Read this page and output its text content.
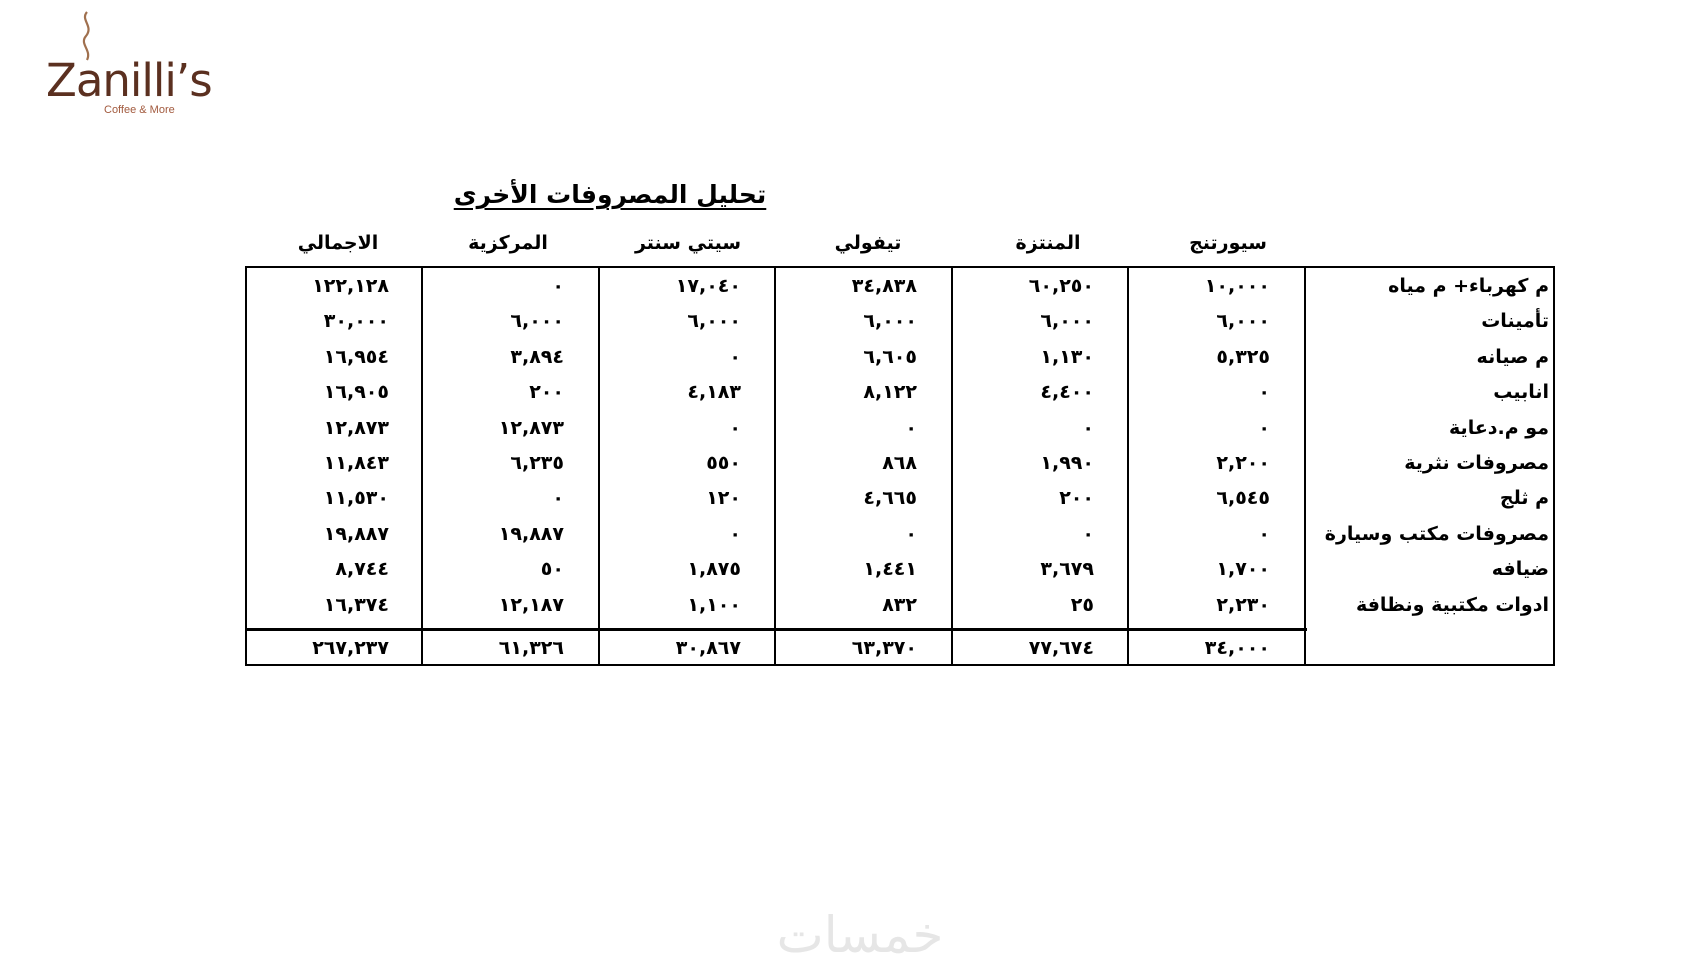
Zanilli’s
Coffee & More
تحليل المصروفات الأخرى
سيورتنج
المنتزة
تيفولي
سيتي سنتر
المركزية
الاجمالي
م كهرباء+ م مياه
١٠,٠٠٠
٦٠,٢٥٠
٣٤,٨٣٨
١٧,٠٤٠
٠
١٢٢,١٢٨
تأمينات
٦,٠٠٠
٦,٠٠٠
٦,٠٠٠
٦,٠٠٠
٦,٠٠٠
٣٠,٠٠٠
م صيانه
٥,٣٢٥
١,١٣٠
٦,٦٠٥
٠
٣,٨٩٤
١٦,٩٥٤
انابيب
٠
٤,٤٠٠
٨,١٢٢
٤,١٨٣
٢٠٠
١٦,٩٠٥
مو م.دعاية
٠
٠
٠
٠
١٢,٨٧٣
١٢,٨٧٣
مصروفات نثرية
٢,٢٠٠
١,٩٩٠
٨٦٨
٥٥٠
٦,٢٣٥
١١,٨٤٣
م ثلج
٦,٥٤٥
٢٠٠
٤,٦٦٥
١٢٠
٠
١١,٥٣٠
مصروفات مكتب وسيارة
٠
٠
٠
٠
١٩,٨٨٧
١٩,٨٨٧
ضيافه
١,٧٠٠
٣,٦٧٩
١,٤٤١
١,٨٧٥
٥٠
٨,٧٤٤
ادوات مكتبية ونظافة
٢,٢٣٠
٢٥
٨٣٢
١,١٠٠
١٢,١٨٧
١٦,٣٧٤
٣٤,٠٠٠
٧٧,٦٧٤
٦٣,٣٧٠
٣٠,٨٦٧
٦١,٣٢٦
٢٦٧,٢٣٧
خمسات
